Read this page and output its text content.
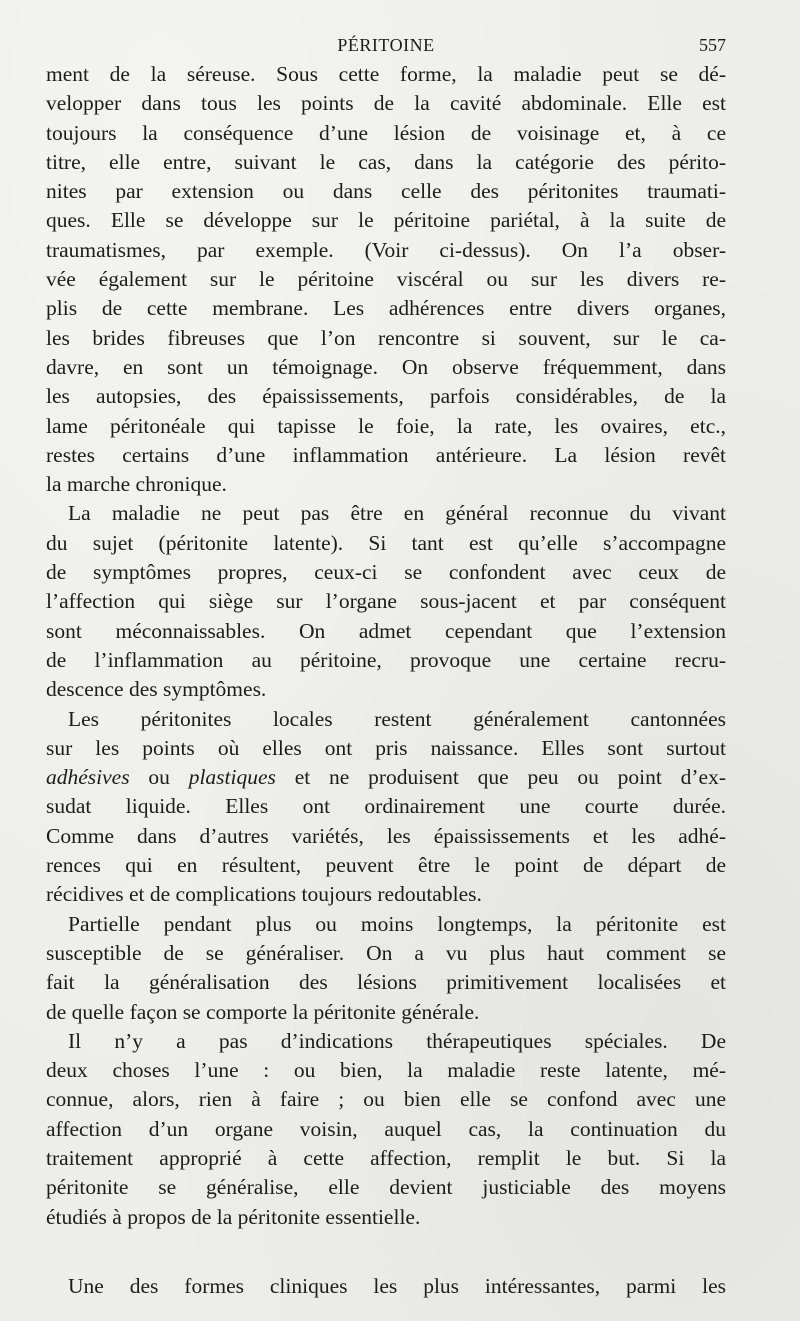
PÉRITOINE	557

ment de la séreuse. Sous cette forme, la maladie peut se dé-
velopper dans tous les points de la cavité abdominale. Elle est
toujours la conséquence d’une lésion de voisinage et, à ce
titre, elle entre, suivant le cas, dans la catégorie des périto-
nites par extension ou dans celle des péritonites traumati-
ques. Elle se développe sur le péritoine pariétal, à la suite de
traumatismes, par exemple. (Voir ci-dessus). On l’a obser-
vée également sur le péritoine viscéral ou sur les divers re-
plis de cette membrane. Les adhérences entre divers organes,
les brides fibreuses que l’on rencontre si souvent, sur le ca-
davre, en sont un témoignage. On observe fréquemment, dans
les autopsies, des épaississements, parfois considérables, de la
lame péritonéale qui tapisse le foie, la rate, les ovaires, etc.,
restes certains d’une inflammation antérieure. La lésion revêt
la marche chronique.

La maladie ne peut pas être en général reconnue du vivant
du sujet (péritonite latente). Si tant est qu’elle s’accompagne
de symptômes propres, ceux-ci se confondent avec ceux de
l’affection qui siège sur l’organe sous-jacent et par conséquent
sont méconnaissables. On admet cependant que l’extension
de l’inflammation au péritoine, provoque une certaine recru-
descence des symptômes.

Les péritonites locales restent généralement cantonnées
sur les points où elles ont pris naissance. Elles sont surtout
adhésives ou plastiques et ne produisent que peu ou point d’ex-
sudat liquide. Elles ont ordinairement une courte durée.
Comme dans d’autres variétés, les épaississements et les adhé-
rences qui en résultent, peuvent être le point de départ de
récidives et de complications toujours redoutables.

Partielle pendant plus ou moins longtemps, la péritonite est
susceptible de se généraliser. On a vu plus haut comment se
fait la généralisation des lésions primitivement localisées et
de quelle façon se comporte la péritonite générale.

Il n’y a pas d’indications thérapeutiques spéciales. De
deux choses l’une : ou bien, la maladie reste latente, mé-
connue, alors, rien à faire ; ou bien elle se confond avec une
affection d’un organe voisin, auquel cas, la continuation du
traitement approprié à cette affection, remplit le but. Si la
péritonite se généralise, elle devient justiciable des moyens
étudiés à propos de la péritonite essentielle.

Une des formes cliniques les plus intéressantes, parmi les
